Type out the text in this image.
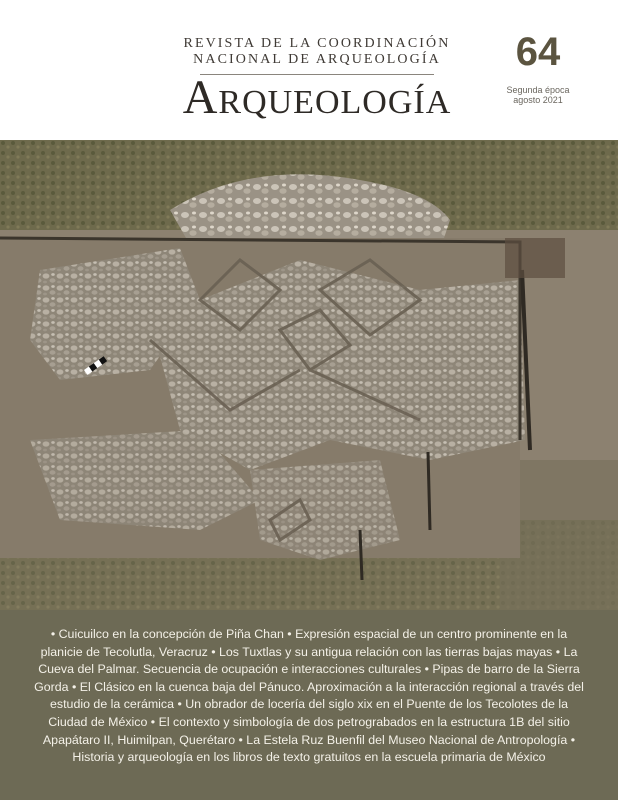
REVISTA DE LA COORDINACIÓN
NACIONAL DE ARQUEOLOGÍA
Arqueología
64
Segunda época
agosto 2021
• Cuicuilco en la concepción de Piña Chan • Expresión espacial de un centro prominente en la planicie de Tecolutla, Veracruz • Los Tuxtlas y su antigua relación con las tierras bajas mayas • La Cueva del Palmar. Secuencia de ocupación e interacciones culturales • Pipas de barro de la Sierra Gorda • El Clásico en la cuenca baja del Pánuco. Aproximación a la interacción regional a través del estudio de la cerámica • Un obrador de locería del siglo xix en el Puente de los Tecolotes de la Ciudad de México • El contexto y simbología de dos petrograbados en la estructura 1B del sitio Apapátaro II, Huimilpan, Querétaro • La Estela Ruz Buenfil del Museo Nacional de Antropología • Historia y arqueología en los libros de texto gratuitos en la escuela primaria de México
